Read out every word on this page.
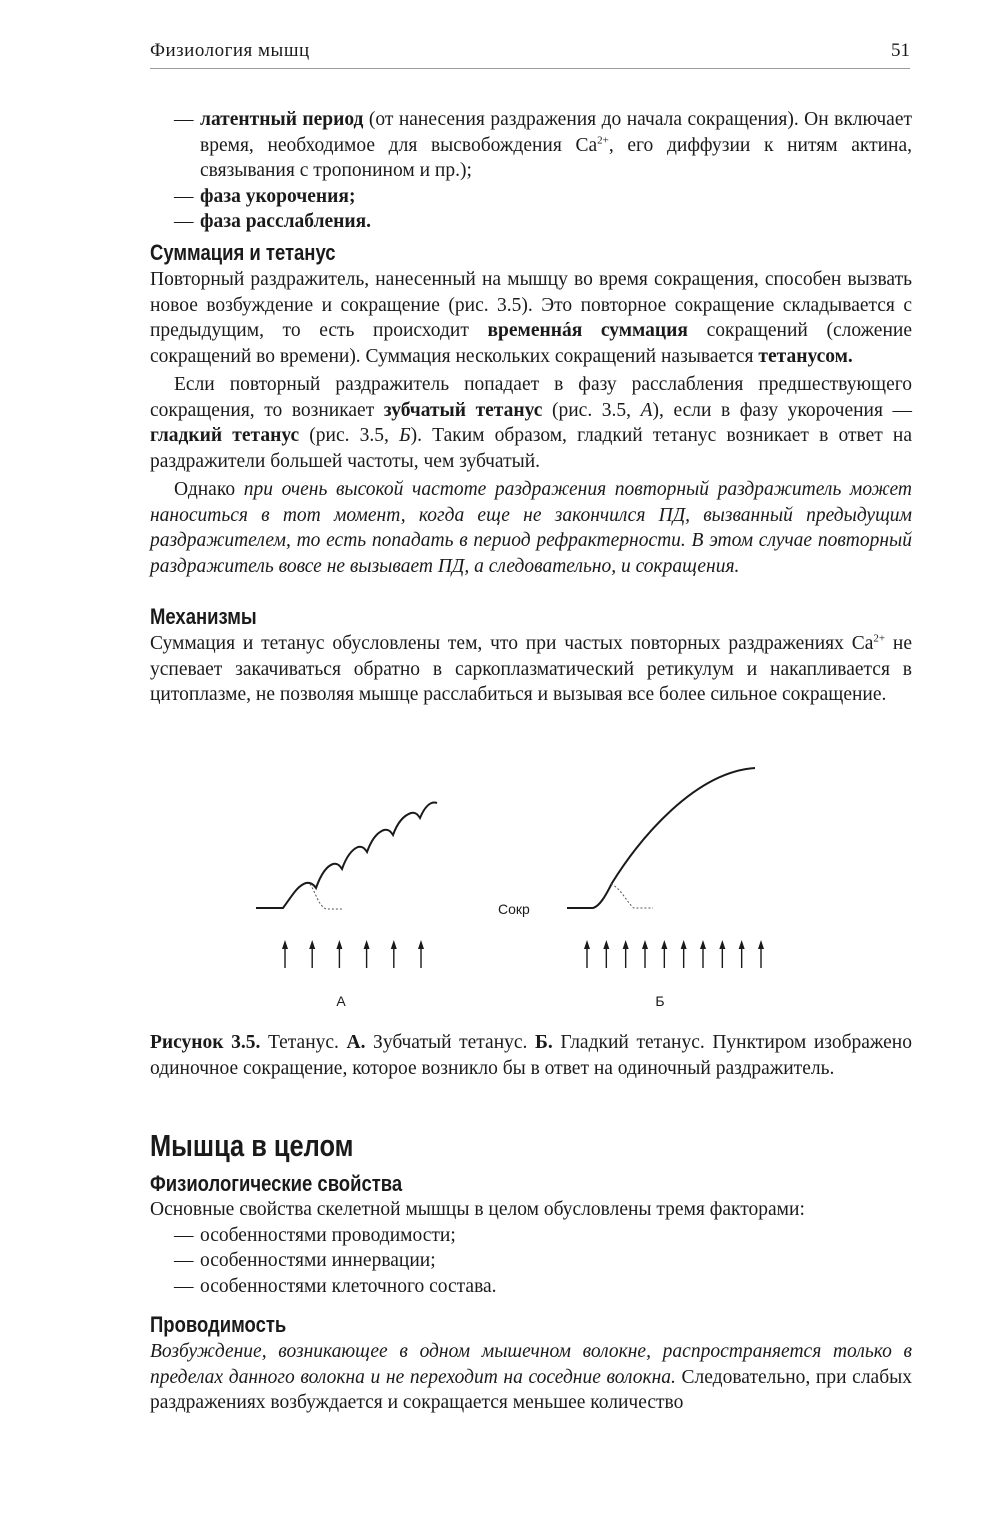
Физиология мышц	51

— латентный период (от нанесения раздражения до начала сокращения). Он включает время, необходимое для высвобождения $Ca^{2+}$, его диффузии к нитям актина, связывания с тропонином и пр.);

— фаза укорочения;

— фаза расслабления.

Суммация и тетанус

Повторный раздражитель, нанесенный на мышцу во время сокращения, способен вызвать новое возбуждение и сокращение (рис. 3.5). Это повторное сокращение складывается с предыдущим, то есть происходит временнáя суммация сокращений (сложение сокращений во времени). Суммация нескольких сокращений называется тетанусом.

Если повторный раздражитель попадает в фазу расслабления предшествующего сокращения, то возникает зубчатый тетанус (рис. 3.5, А), если в фазу укорочения — гладкий тетанус (рис. 3.5, Б). Таким образом, гладкий тетанус возникает в ответ на раздражители большей частоты, чем зубчатый.

Однако при очень высокой частоте раздражения повторный раздражитель может наноситься в тот момент, когда еще не закончился ПД, вызванный предыдущим раздражителем, то есть попадать в период рефрактерности. В этом случае повторный раздражитель вовсе не вызывает ПД, а следовательно, и сокращения.

Механизмы

Суммация и тетанус обусловлены тем, что при частых повторных раздражениях $Ca^{2+}$ не успевает закачиваться обратно в саркоплазматический ретикулум и накапливается в цитоплазме, не позволяя мышце расслабиться и вызывая все более сильное сокращение.

Сокр
А	Б

Рисунок 3.5. Тетанус. А. Зубчатый тетанус. Б. Гладкий тетанус. Пунктиром изображено одиночное сокращение, которое возникло бы в ответ на одиночный раздражитель.

Мышца в целом
Физиологические свойства

Основные свойства скелетной мышцы в целом обусловлены тремя факторами:

— особенностями проводимости;

— особенностями иннервации;

— особенностями клеточного состава.

Проводимость

Возбуждение, возникающее в одном мышечном волокне, распространяется только в пределах данного волокна и не переходит на соседние волокна. Следовательно, при слабых раздражениях возбуждается и сокращается меньшее количество
